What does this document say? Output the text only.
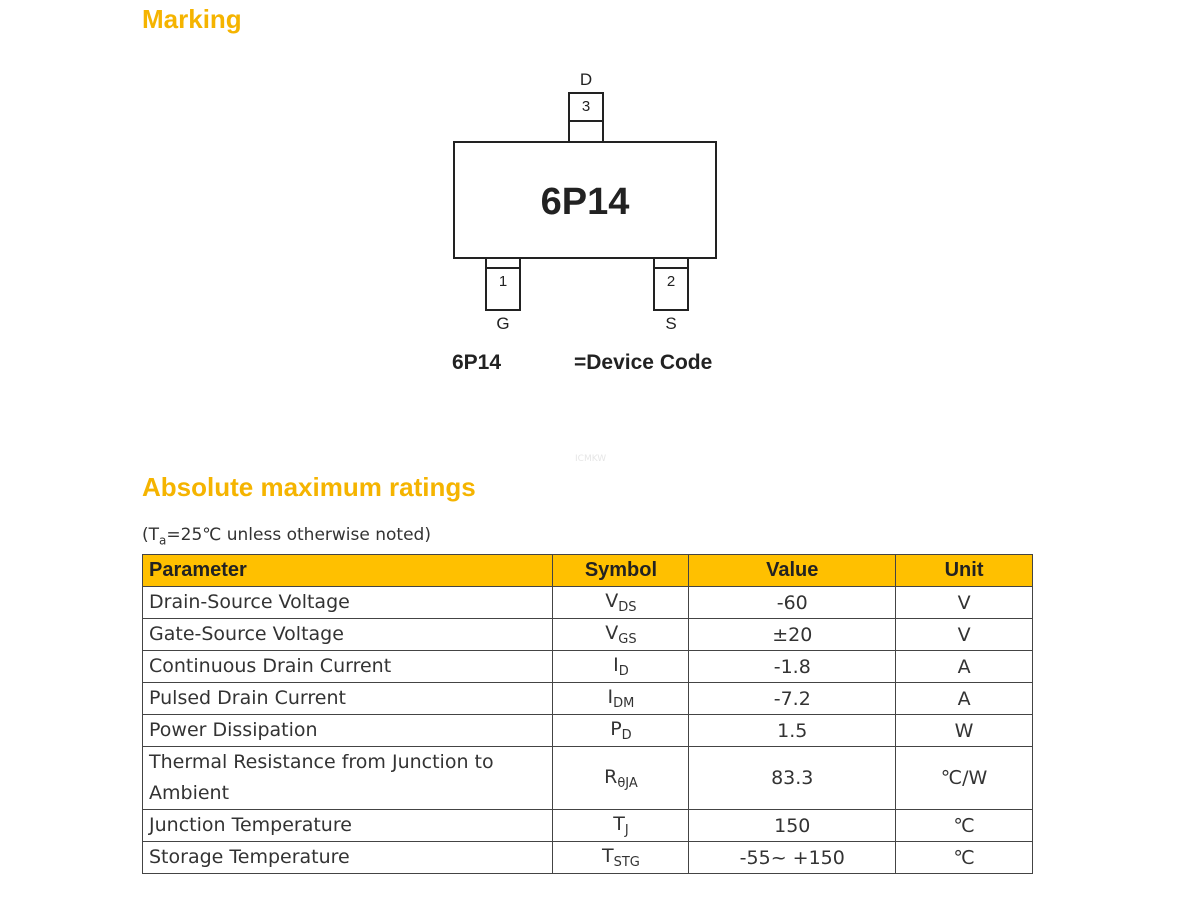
Marking
D
3
6P14
1	2
G	S
6P14	=Device Code
ICMKW
Absolute maximum ratings
($T_a=25℃$ unless otherwise noted)
Parameter	Symbol	Value	Unit
Drain-Source Voltage	$V_{DS}$	-60	V
Gate-Source Voltage	$V_{GS}$	±20	V
Continuous Drain Current	$I_D$	-1.8	A
Pulsed Drain Current	$I_{DM}$	-7.2	A
Power Dissipation	$P_D$	1.5	W
Thermal Resistance from Junction to Ambient	$R_{\theta JA}$	83.3	℃/W
Junction Temperature	$T_J$	150	℃
Storage Temperature	$T_{STG}$	-55~ +150	℃
